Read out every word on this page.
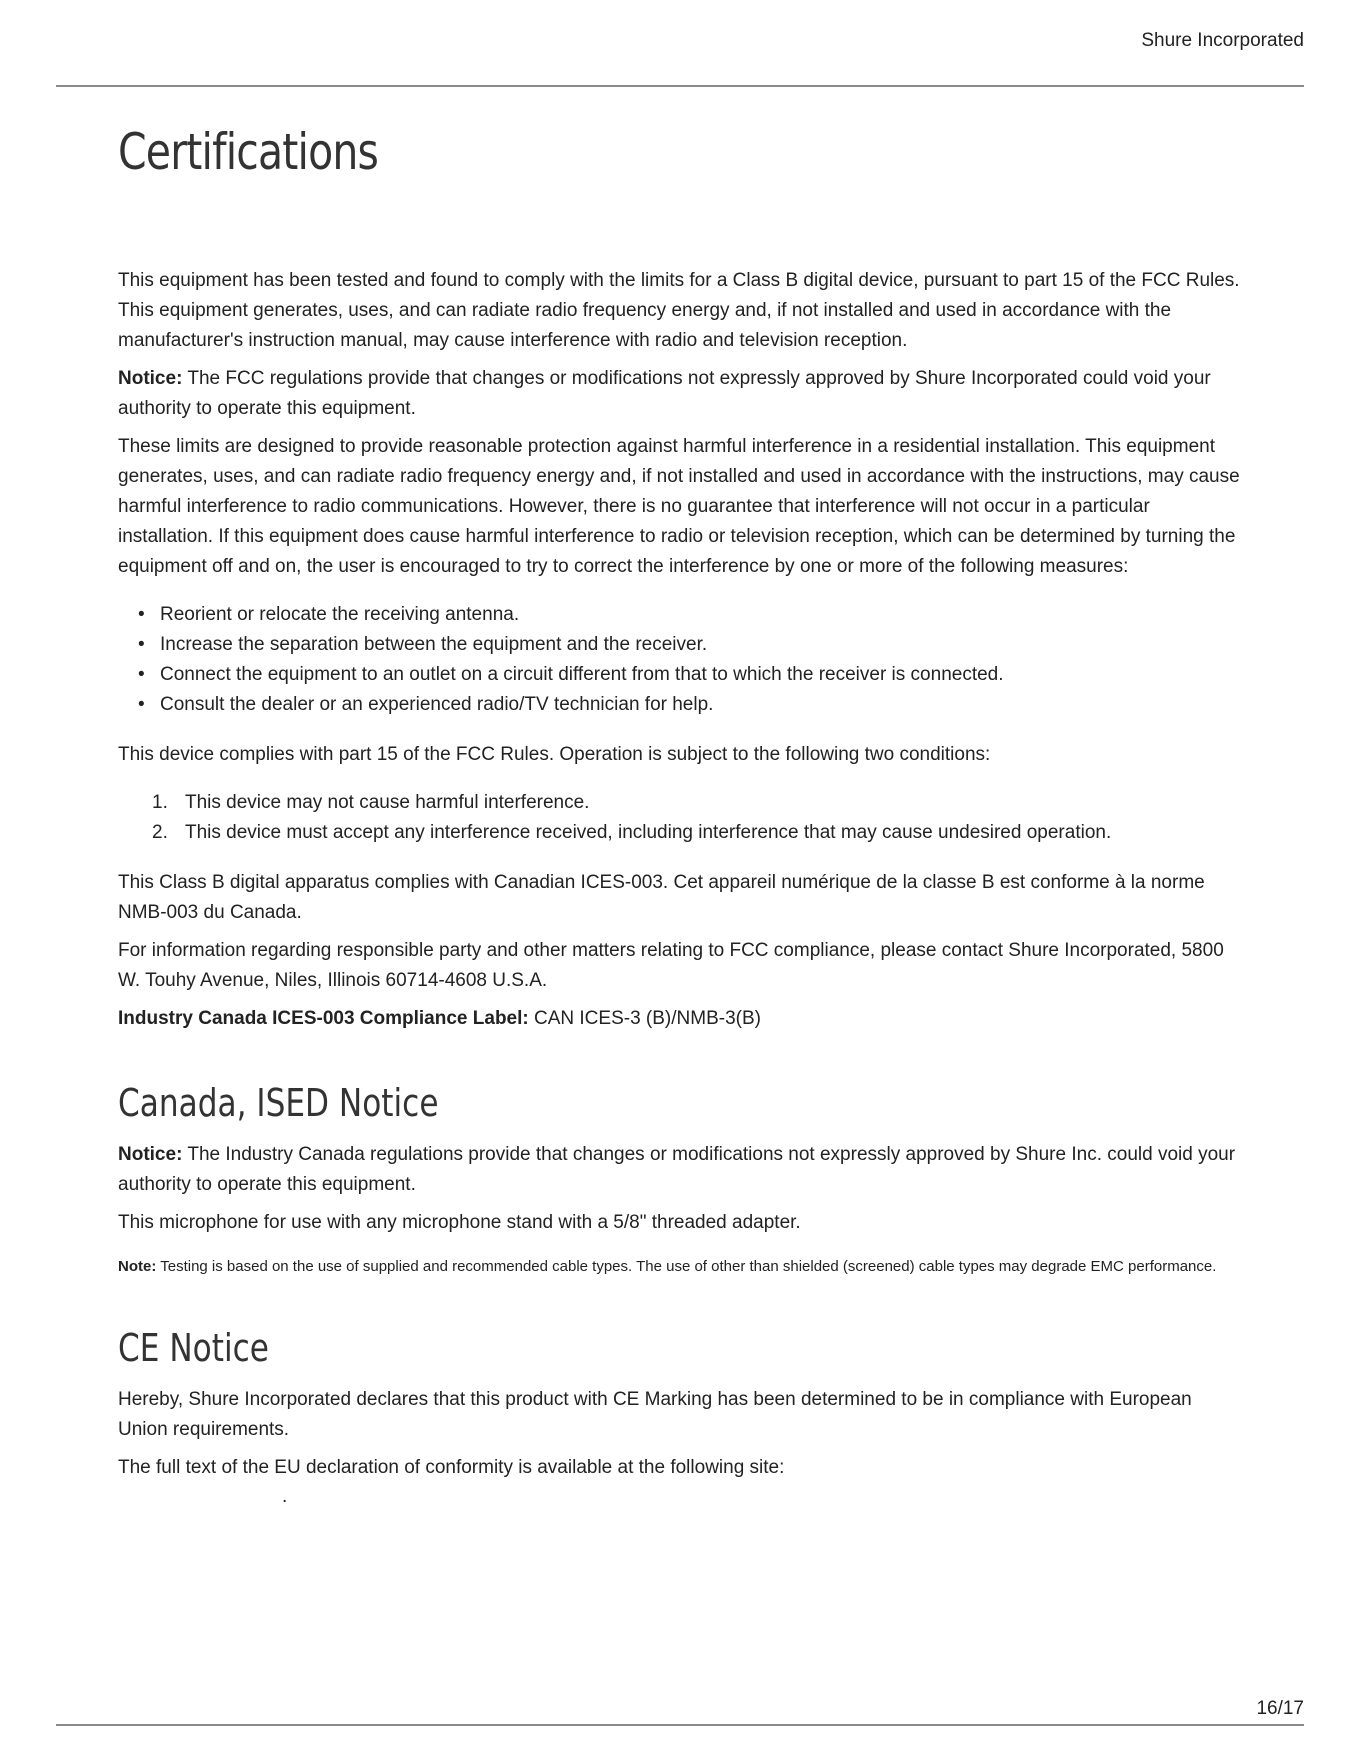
Shure Incorporated
Certifications

This equipment has been tested and found to comply with the limits for a Class B digital device, pursuant to part 15 of the FCC Rules. This equipment generates, uses, and can radiate radio frequency energy and, if not installed and used in accordance with the manufacturer's instruction manual, may cause interference with radio and television reception.

Notice: The FCC regulations provide that changes or modifications not expressly approved by Shure Incorporated could void your authority to operate this equipment.

These limits are designed to provide reasonable protection against harmful interference in a residential installation. This equipment generates, uses, and can radiate radio frequency energy and, if not installed and used in accordance with the instructions, may cause harmful interference to radio communications. However, there is no guarantee that interference will not occur in a particular installation. If this equipment does cause harmful interference to radio or television reception, which can be determined by turning the equipment off and on, the user is encouraged to try to correct the interference by one or more of the following measures:

• Reorient or relocate the receiving antenna.
• Increase the separation between the equipment and the receiver.
• Connect the equipment to an outlet on a circuit different from that to which the receiver is connected.
• Consult the dealer or an experienced radio/TV technician for help.

This device complies with part 15 of the FCC Rules. Operation is subject to the following two conditions:

1. This device may not cause harmful interference.
2. This device must accept any interference received, including interference that may cause undesired operation.

This Class B digital apparatus complies with Canadian ICES-003. Cet appareil numérique de la classe B est conforme à la norme NMB-003 du Canada.

For information regarding responsible party and other matters relating to FCC compliance, please contact Shure Incorporated, 5800 W. Touhy Avenue, Niles, Illinois 60714-4608 U.S.A.

Industry Canada ICES-003 Compliance Label: CAN ICES-3 (B)/NMB-3(B)

Canada, ISED Notice

Notice: The Industry Canada regulations provide that changes or modifications not expressly approved by Shure Inc. could void your authority to operate this equipment.

This microphone for use with any microphone stand with a 5/8" threaded adapter.

Note: Testing is based on the use of supplied and recommended cable types. The use of other than shielded (screened) cable types may degrade EMC performance.

CE Notice

Hereby, Shure Incorporated declares that this product with CE Marking has been determined to be in compliance with European Union requirements.

The full text of the EU declaration of conformity is available at the following site:

.
16/17
